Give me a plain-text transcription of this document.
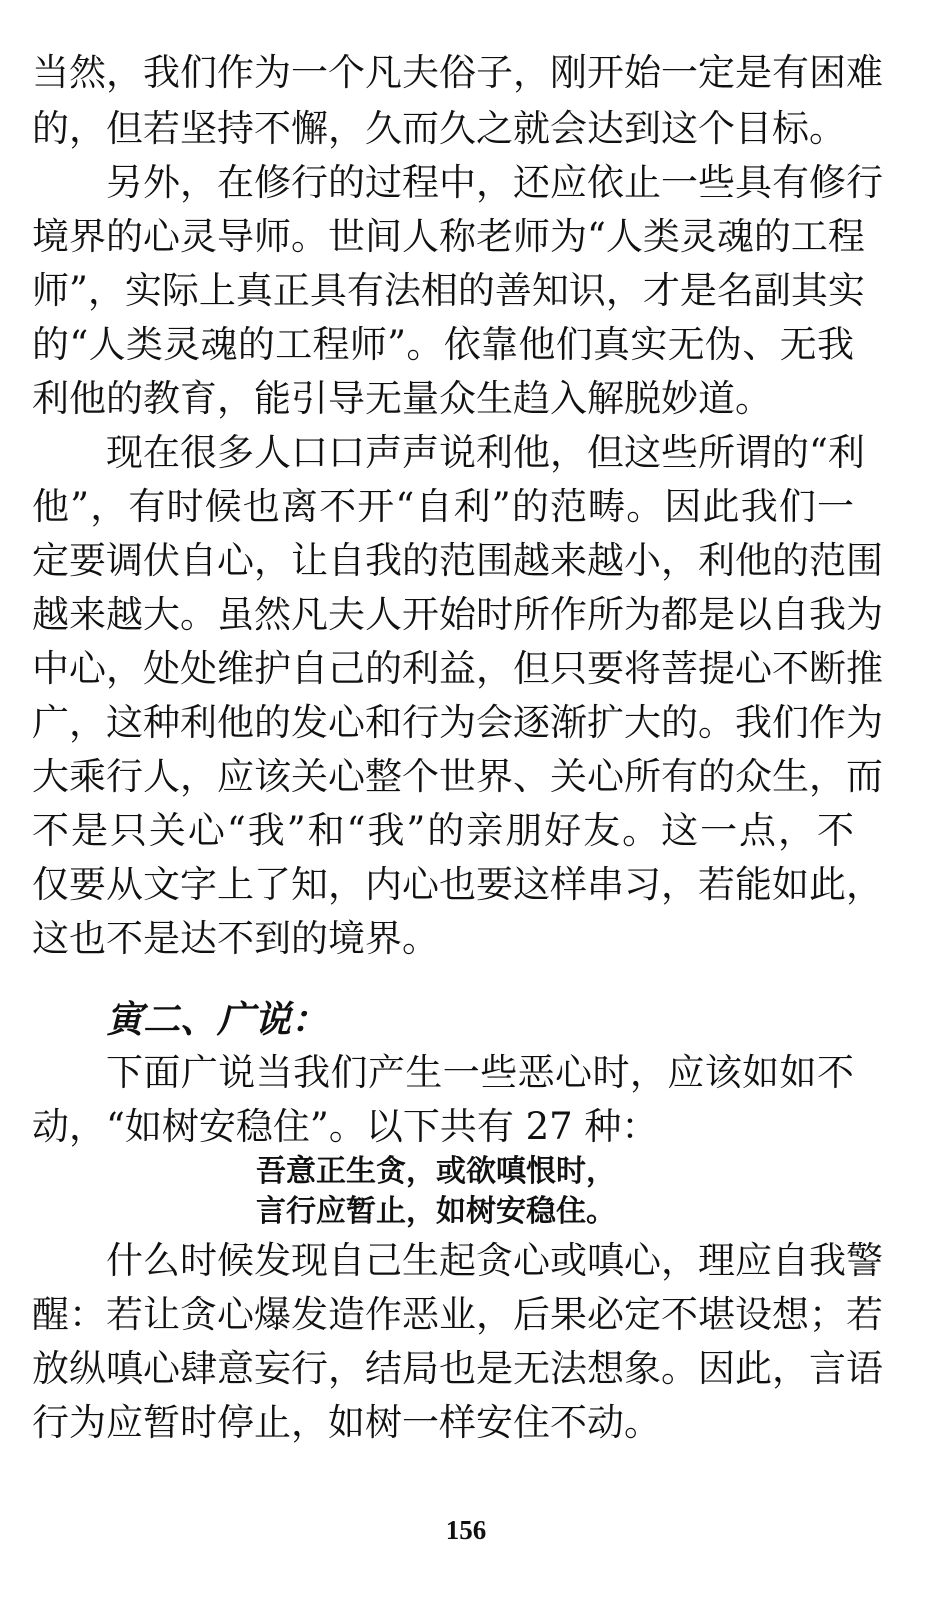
当然，我们作为一个凡夫俗子，刚开始一定是有困难
的，但若坚持不懈，久而久之就会达到这个目标。
另外，在修行的过程中，还应依止一些具有修行
境界的心灵导师。世间人称老师为“人类灵魂的工程
师”，实际上真正具有法相的善知识，才是名副其实
的“人类灵魂的工程师”。依靠他们真实无伪、无我
利他的教育，能引导无量众生趋入解脱妙道。
现在很多人口口声声说利他，但这些所谓的“利
他”，有时候也离不开“自利”的范畴。因此我们一
定要调伏自心，让自我的范围越来越小，利他的范围
越来越大。虽然凡夫人开始时所作所为都是以自我为
中心，处处维护自己的利益，但只要将菩提心不断推
广，这种利他的发心和行为会逐渐扩大的。我们作为
大乘行人，应该关心整个世界、关心所有的众生，而
不是只关心“我”和“我”的亲朋好友。这一点，不
仅要从文字上了知，内心也要这样串习，若能如此，
这也不是达不到的境界。
寅二、广说：
下面广说当我们产生一些恶心时，应该如如不
动，“如树安稳住”。以下共有 27 种：
吾意正生贪，或欲嗔恨时，
言行应暂止，如树安稳住。
什么时候发现自己生起贪心或嗔心，理应自我警
醒：若让贪心爆发造作恶业，后果必定不堪设想；若
放纵嗔心肆意妄行，结局也是无法想象。因此，言语
行为应暂时停止，如树一样安住不动。
156
